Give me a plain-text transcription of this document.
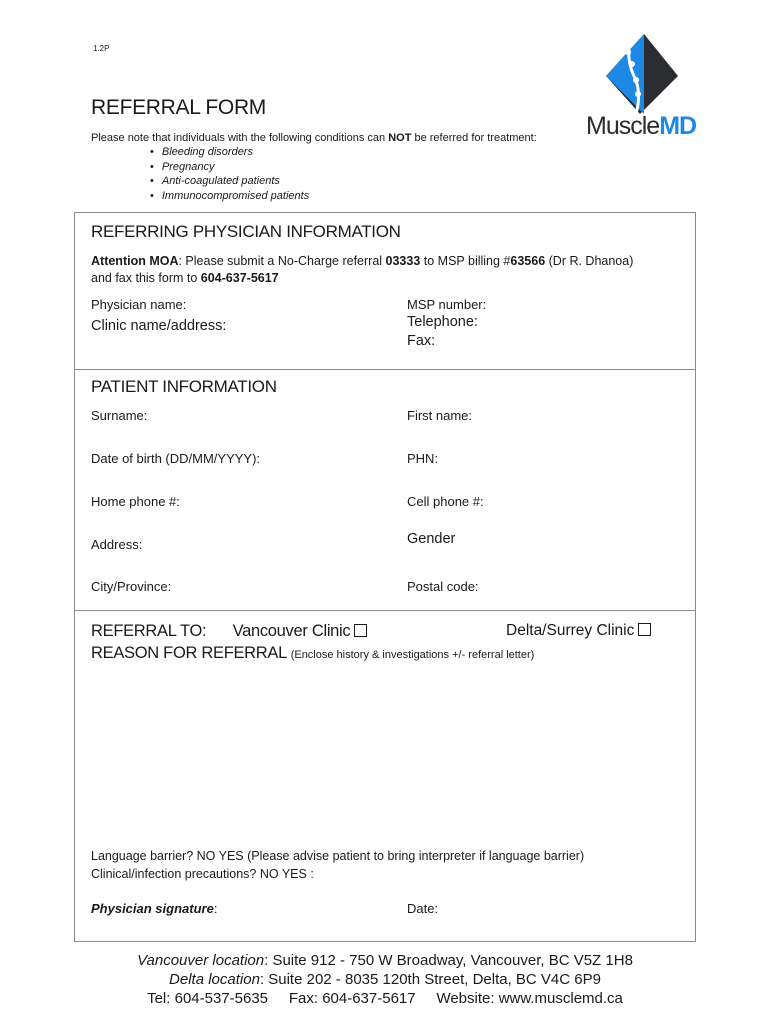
1.2P
REFERRAL FORM
Please note that individuals with the following conditions can NOT be referred for treatment:
• Bleeding disorders
• Pregnancy
• Anti-coagulated patients
• Immunocompromised patients
MuscleMD
REFERRING PHYSICIAN INFORMATION
Attention MOA: Please submit a No-Charge referral 03333 to MSP billing #63566 (Dr R. Dhanoa) and fax this form to 604-637-5617
Physician name:	MSP number:
Clinic name/address:	Telephone:
Fax:
PATIENT INFORMATION
Surname:	First name:
Date of birth (DD/MM/YYYY):	PHN:
Home phone #:	Cell phone #:
Address:	Gender
City/Province:	Postal code:
REFERRAL TO: Vancouver Clinic	Delta/Surrey Clinic
REASON FOR REFERRAL (Enclose history & investigations +/- referral letter)
Language barrier? NO YES (Please advise patient to bring interpreter if language barrier)
Clinical/infection precautions? NO YES :
Physician signature:	Date:
Vancouver location: Suite 912 - 750 W Broadway, Vancouver, BC V5Z 1H8
Delta location: Suite 202 - 8035 120th Street, Delta, BC V4C 6P9
Tel: 604-537-5635     Fax: 604-637-5617     Website: www.musclemd.ca
